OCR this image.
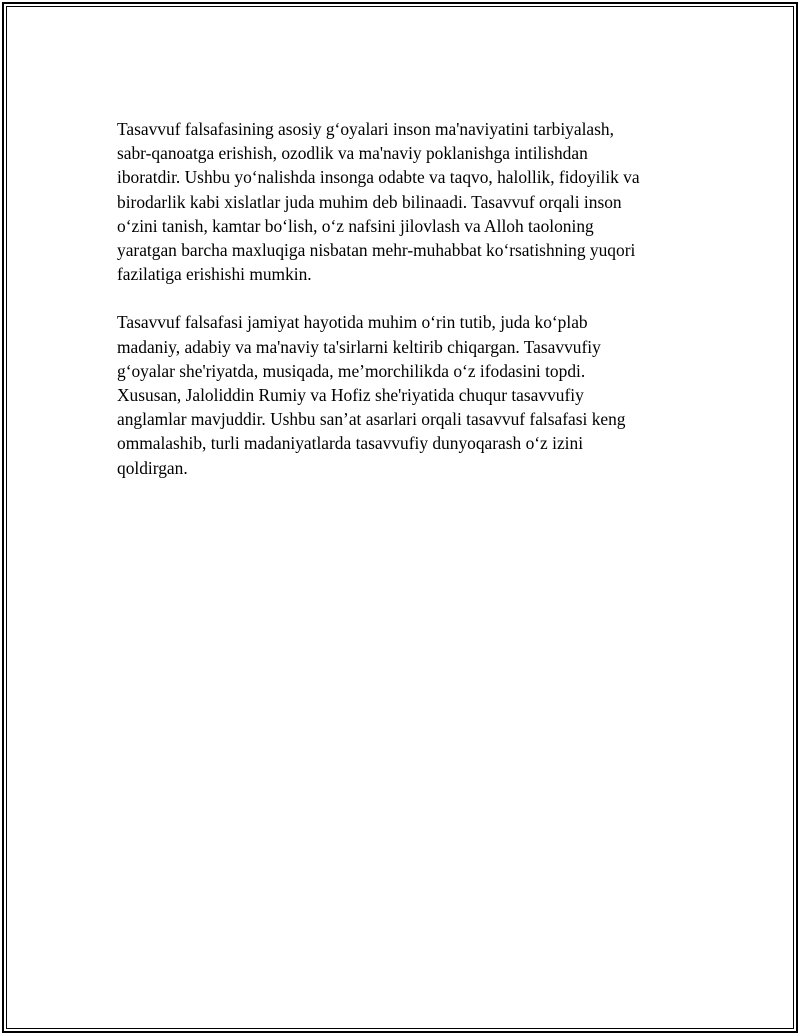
Tasavvuf falsafasining asosiy g‘oyalari inson ma'naviyatini tarbiyalash,
sabr-qanoatga erishish, ozodlik va ma'naviy poklanishga intilishdan
iboratdir. Ushbu yo‘nalishda insonga odabte va taqvo, halollik, fidoyilik va
birodarlik kabi xislatlar juda muhim deb bilinaadi. Tasavvuf orqali inson
o‘zini tanish, kamtar bo‘lish, o‘z nafsini jilovlash va Alloh taoloning
yaratgan barcha maxluqiga nisbatan mehr-muhabbat ko‘rsatishning yuqori
fazilatiga erishishi mumkin.

Tasavvuf falsafasi jamiyat hayotida muhim o‘rin tutib, juda ko‘plab
madaniy, adabiy va ma'naviy ta'sirlarni keltirib chiqargan. Tasavvufiy
g‘oyalar she'riyatda, musiqada, me’morchilikda o‘z ifodasini topdi.
Xususan, Jaloliddin Rumiy va Hofiz she'riyatida chuqur tasavvufiy
anglamlar mavjuddir. Ushbu san’at asarlari orqali tasavvuf falsafasi keng
ommalashib, turli madaniyatlarda tasavvufiy dunyoqarash o‘z izini
qoldirgan.
